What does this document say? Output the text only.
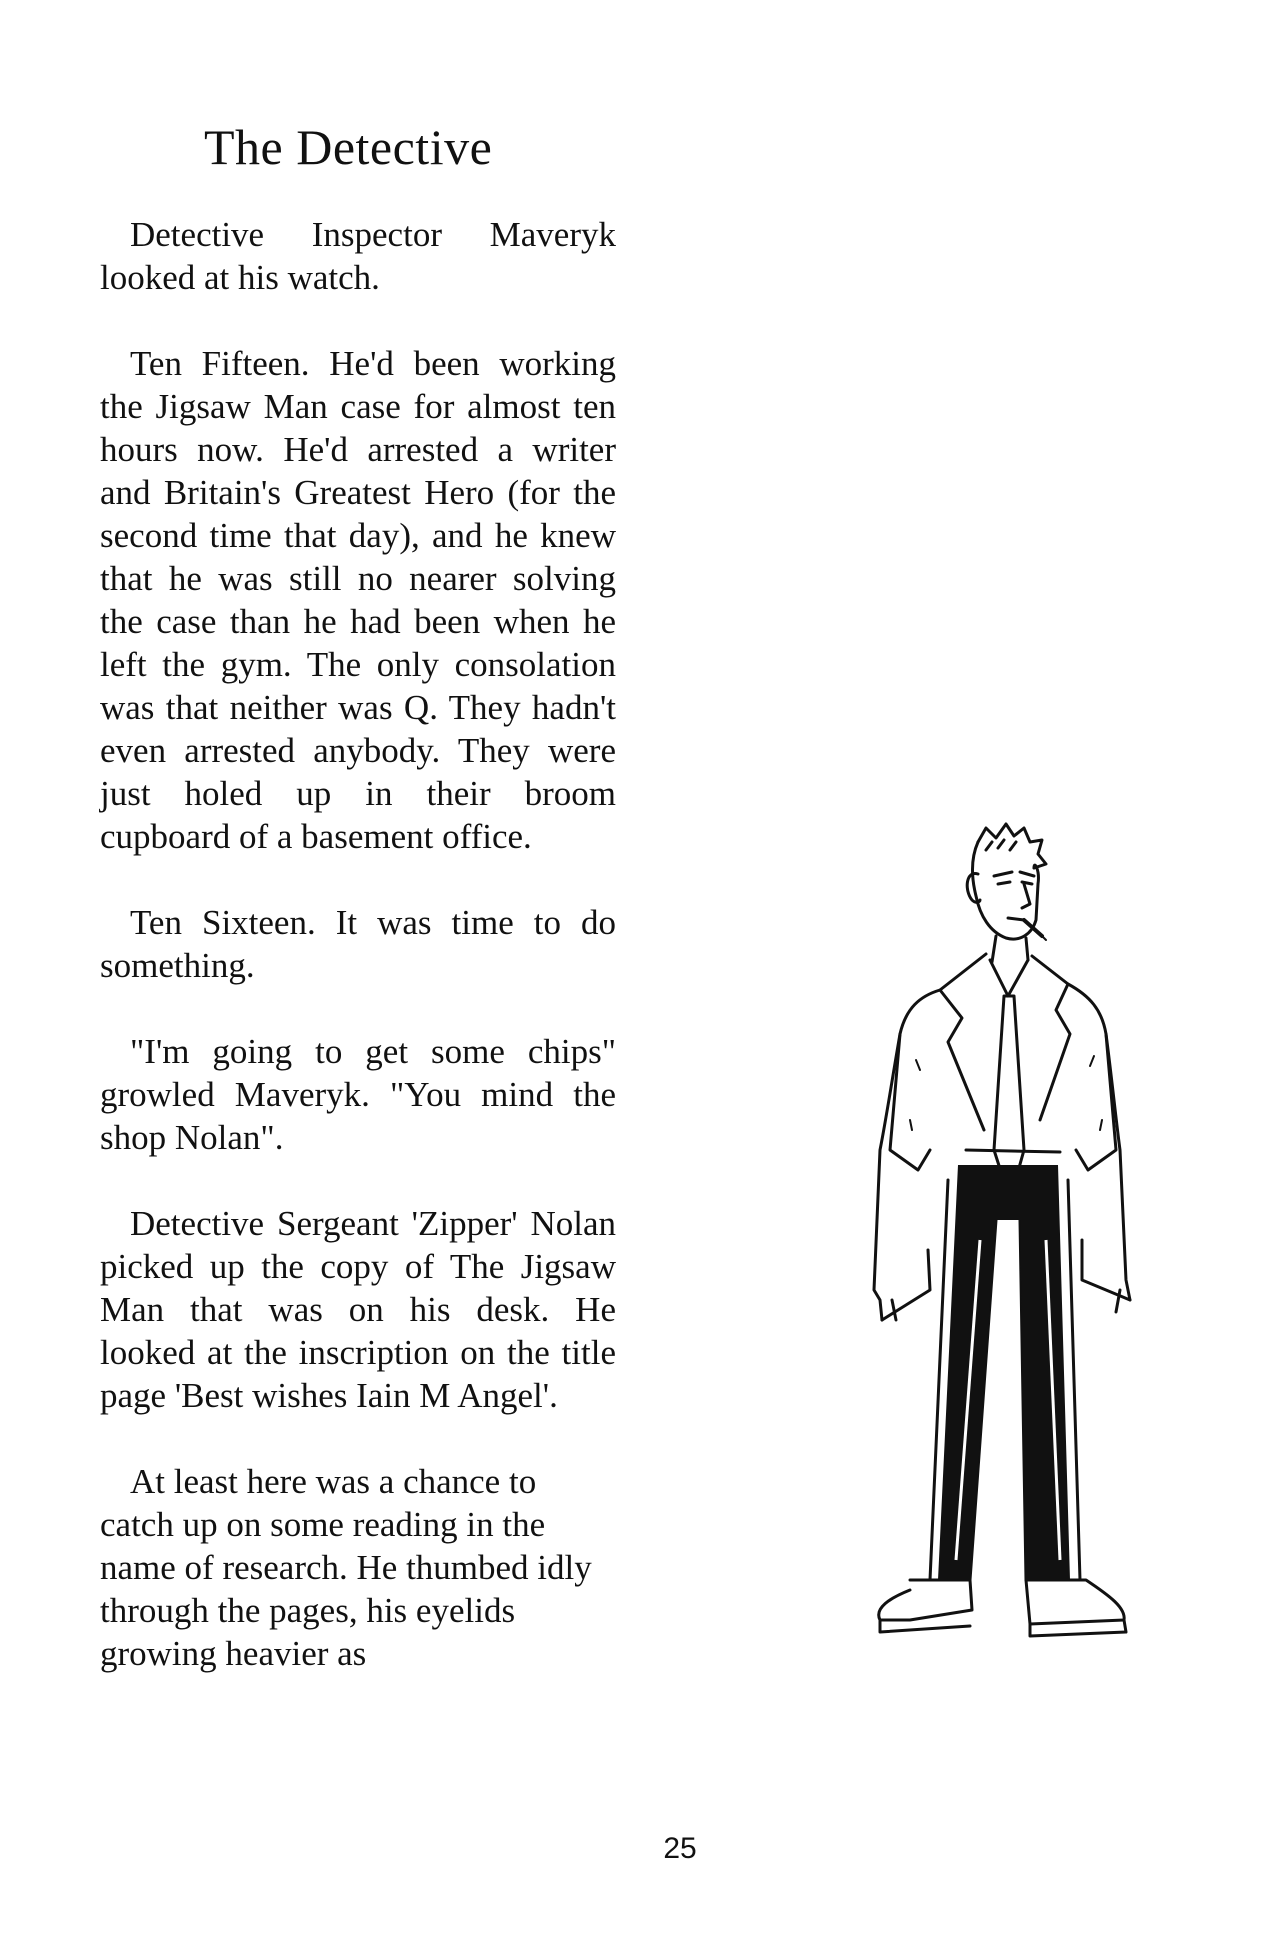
The Detective

Detective Inspector Maveryk looked at his watch.

Ten Fifteen. He'd been working the Jigsaw Man case for almost ten hours now. He'd arrested a writer and Britain's Greatest Hero (for the second time that day), and he knew that he was still no nearer solving the case than he had been when he left the gym. The only consolation was that neither was Q. They hadn't even arrested anybody. They were just holed up in their broom cupboard of a basement office.

Ten Sixteen. It was time to do something.

"I'm going to get some chips" growled Maveryk. "You mind the shop Nolan".

Detective Sergeant 'Zipper' Nolan picked up the copy of The Jigsaw Man that was on his desk. He looked at the inscription on the title page 'Best wishes Iain M Angel'.

At least here was a chance to catch up on some reading in the name of research. He thumbed idly through the pages, his eyelids growing heavier as

25
